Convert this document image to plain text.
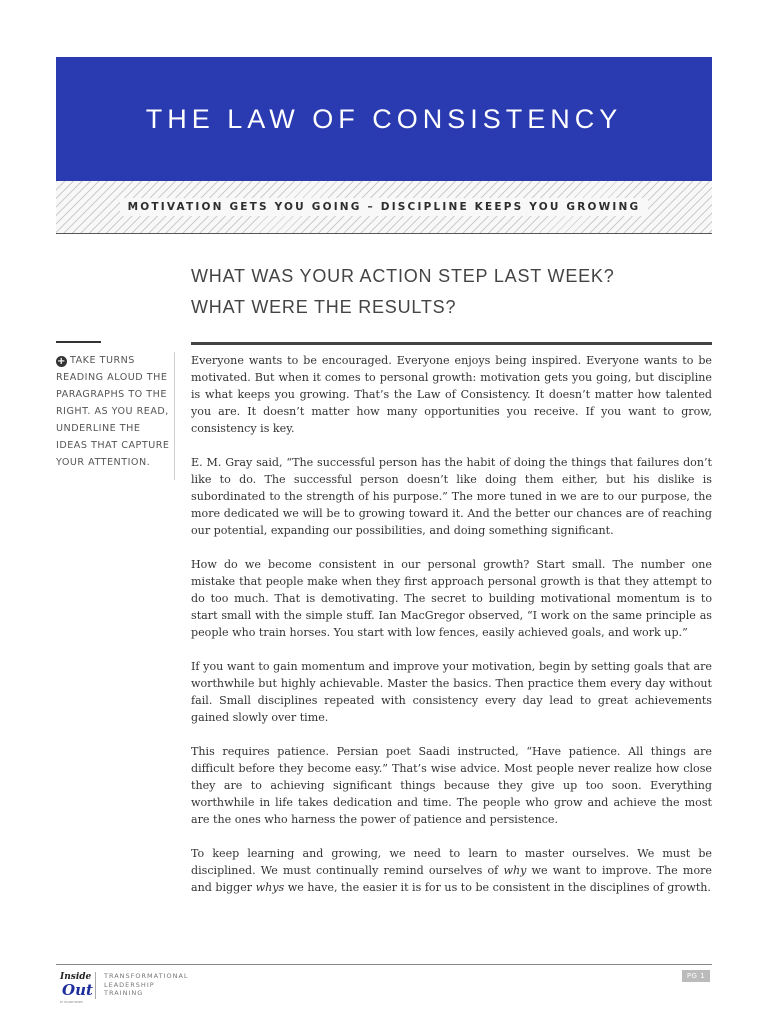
THE LAW OF CONSISTENCY
MOTIVATION GETS YOU GOING – DISCIPLINE KEEPS YOU GROWING
WHAT WAS YOUR ACTION STEP LAST WEEK?
WHAT WERE THE RESULTS?
+ TAKE TURNS READING ALOUD THE PARAGRAPHS TO THE RIGHT. AS YOU READ, UNDERLINE THE IDEAS THAT CAPTURE YOUR ATTENTION.

Everyone wants to be encouraged. Everyone enjoys being inspired. Everyone wants to be motivated. But when it comes to personal growth: motivation gets you going, but discipline is what keeps you growing. That’s the Law of Consistency. It doesn’t matter how talented you are. It doesn’t matter how many opportunities you receive. If you want to grow, consistency is key.

E. M. Gray said, “The successful person has the habit of doing the things that failures don’t like to do. The successful person doesn’t like doing them either, but his dislike is subordinated to the strength of his purpose.” The more tuned in we are to our purpose, the more dedicated we will be to growing toward it. And the better our chances are of reaching our potential, expanding our possibilities, and doing something significant.

How do we become consistent in our personal growth? Start small. The number one mistake that people make when they first approach personal growth is that they attempt to do too much. That is demotivating. The secret to building motivational momentum is to start small with the simple stuff. Ian MacGregor observed, “I work on the same principle as people who train horses. You start with low fences, easily achieved goals, and work up.”

If you want to gain momentum and improve your motivation, begin by setting goals that are worthwhile but highly achievable. Master the basics. Then practice them every day without fail. Small disciplines repeated with consistency every day lead to great achievements gained slowly over time.

This requires patience. Persian poet Saadi instructed, “Have patience. All things are difficult before they become easy.” That’s wise advice. Most people never realize how close they are to achieving significant things because they give up too soon. Everything worthwhile in life takes dedication and time. The people who grow and achieve the most are the ones who harness the power of patience and persistence.

To keep learning and growing, we need to learn to master ourselves. We must be disciplined. We must continually remind ourselves of why we want to improve. The more and bigger whys we have, the easier it is for us to be consistent in the disciplines of growth.

Inside
Out
BY TRANSFORMED
TRANSFORMATIONAL
LEADERSHIP
TRAINING
PG 1
